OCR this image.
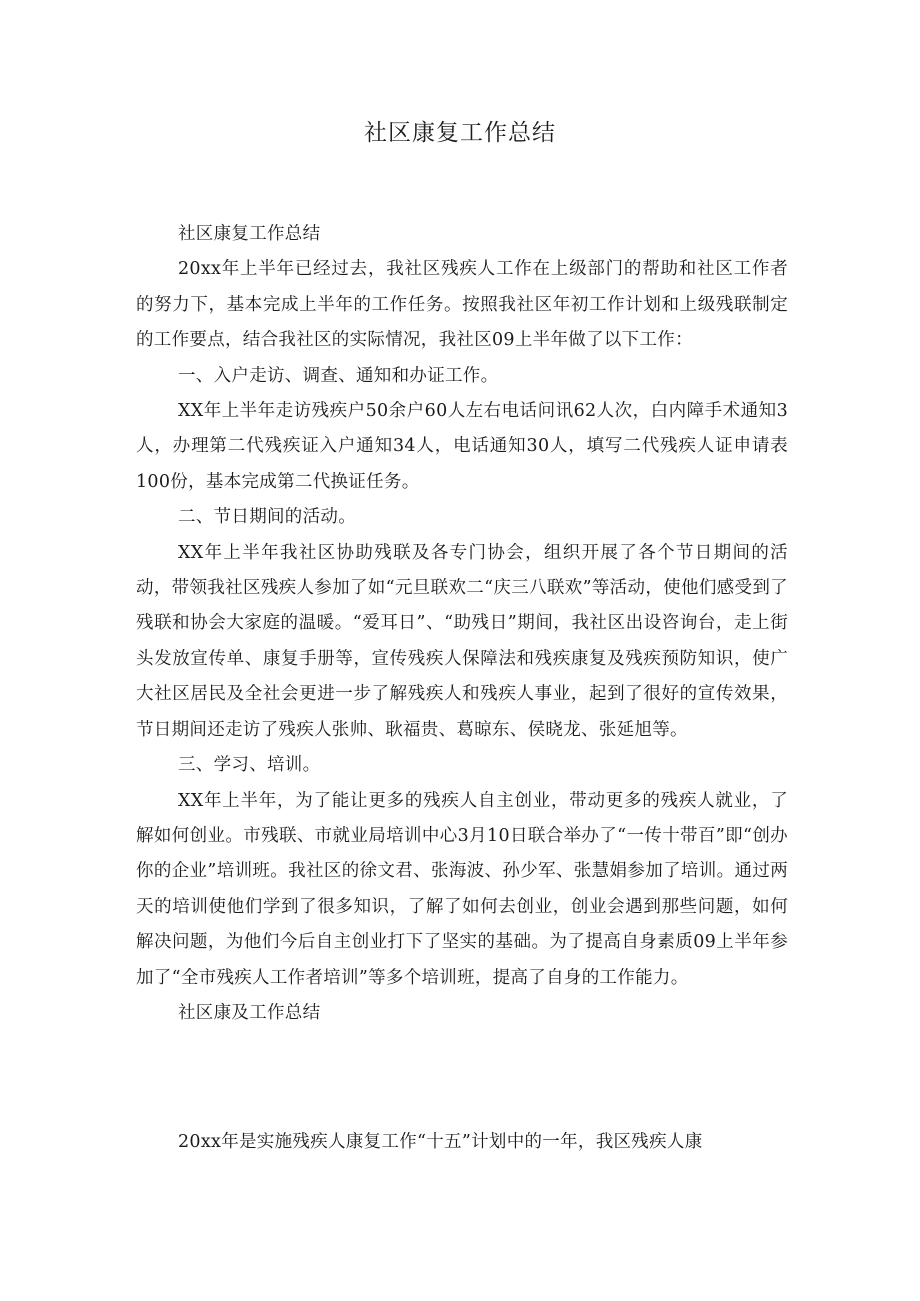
社区康复工作总结

社区康复工作总结

20xx年上半年已经过去，我社区残疾人工作在上级部门的帮助和社区工作者的努力下，基本完成上半年的工作任务。按照我社区年初工作计划和上级残联制定的工作要点，结合我社区的实际情况，我社区09上半年做了以下工作：

一、入户走访、调查、通知和办证工作。

XX年上半年走访残疾户50余户60人左右电话问讯62人次，白内障手术通知3人，办理第二代残疾证入户通知34人，电话通知30人，填写二代残疾人证申请表100份，基本完成第二代换证任务。

二、节日期间的活动。

XX年上半年我社区协助残联及各专门协会，组织开展了各个节日期间的活动，带领我社区残疾人参加了如“元旦联欢二“庆三八联欢”等活动，使他们感受到了残联和协会大家庭的温暖。“爱耳日”、“助残日”期间，我社区出设咨询台，走上街头发放宣传单、康复手册等，宣传残疾人保障法和残疾康复及残疾预防知识，使广大社区居民及全社会更进一步了解残疾人和残疾人事业，起到了很好的宣传效果，节日期间还走访了残疾人张帅、耿福贵、葛晾东、侯晓龙、张延旭等。

三、学习、培训。

XX年上半年，为了能让更多的残疾人自主创业，带动更多的残疾人就业，了解如何创业。市残联、市就业局培训中心3月10日联合举办了“一传十带百”即“创办你的企业”培训班。我社区的徐文君、张海波、孙少军、张慧娟参加了培训。通过两天的培训使他们学到了很多知识，了解了如何去创业，创业会遇到那些问题，如何解决问题，为他们今后自主创业打下了坚实的基础。为了提高自身素质09上半年参加了“全市残疾人工作者培训”等多个培训班，提高了自身的工作能力。

社区康及工作总结

20xx年是实施残疾人康复工作“十五”计划中的一年，我区残疾人康
